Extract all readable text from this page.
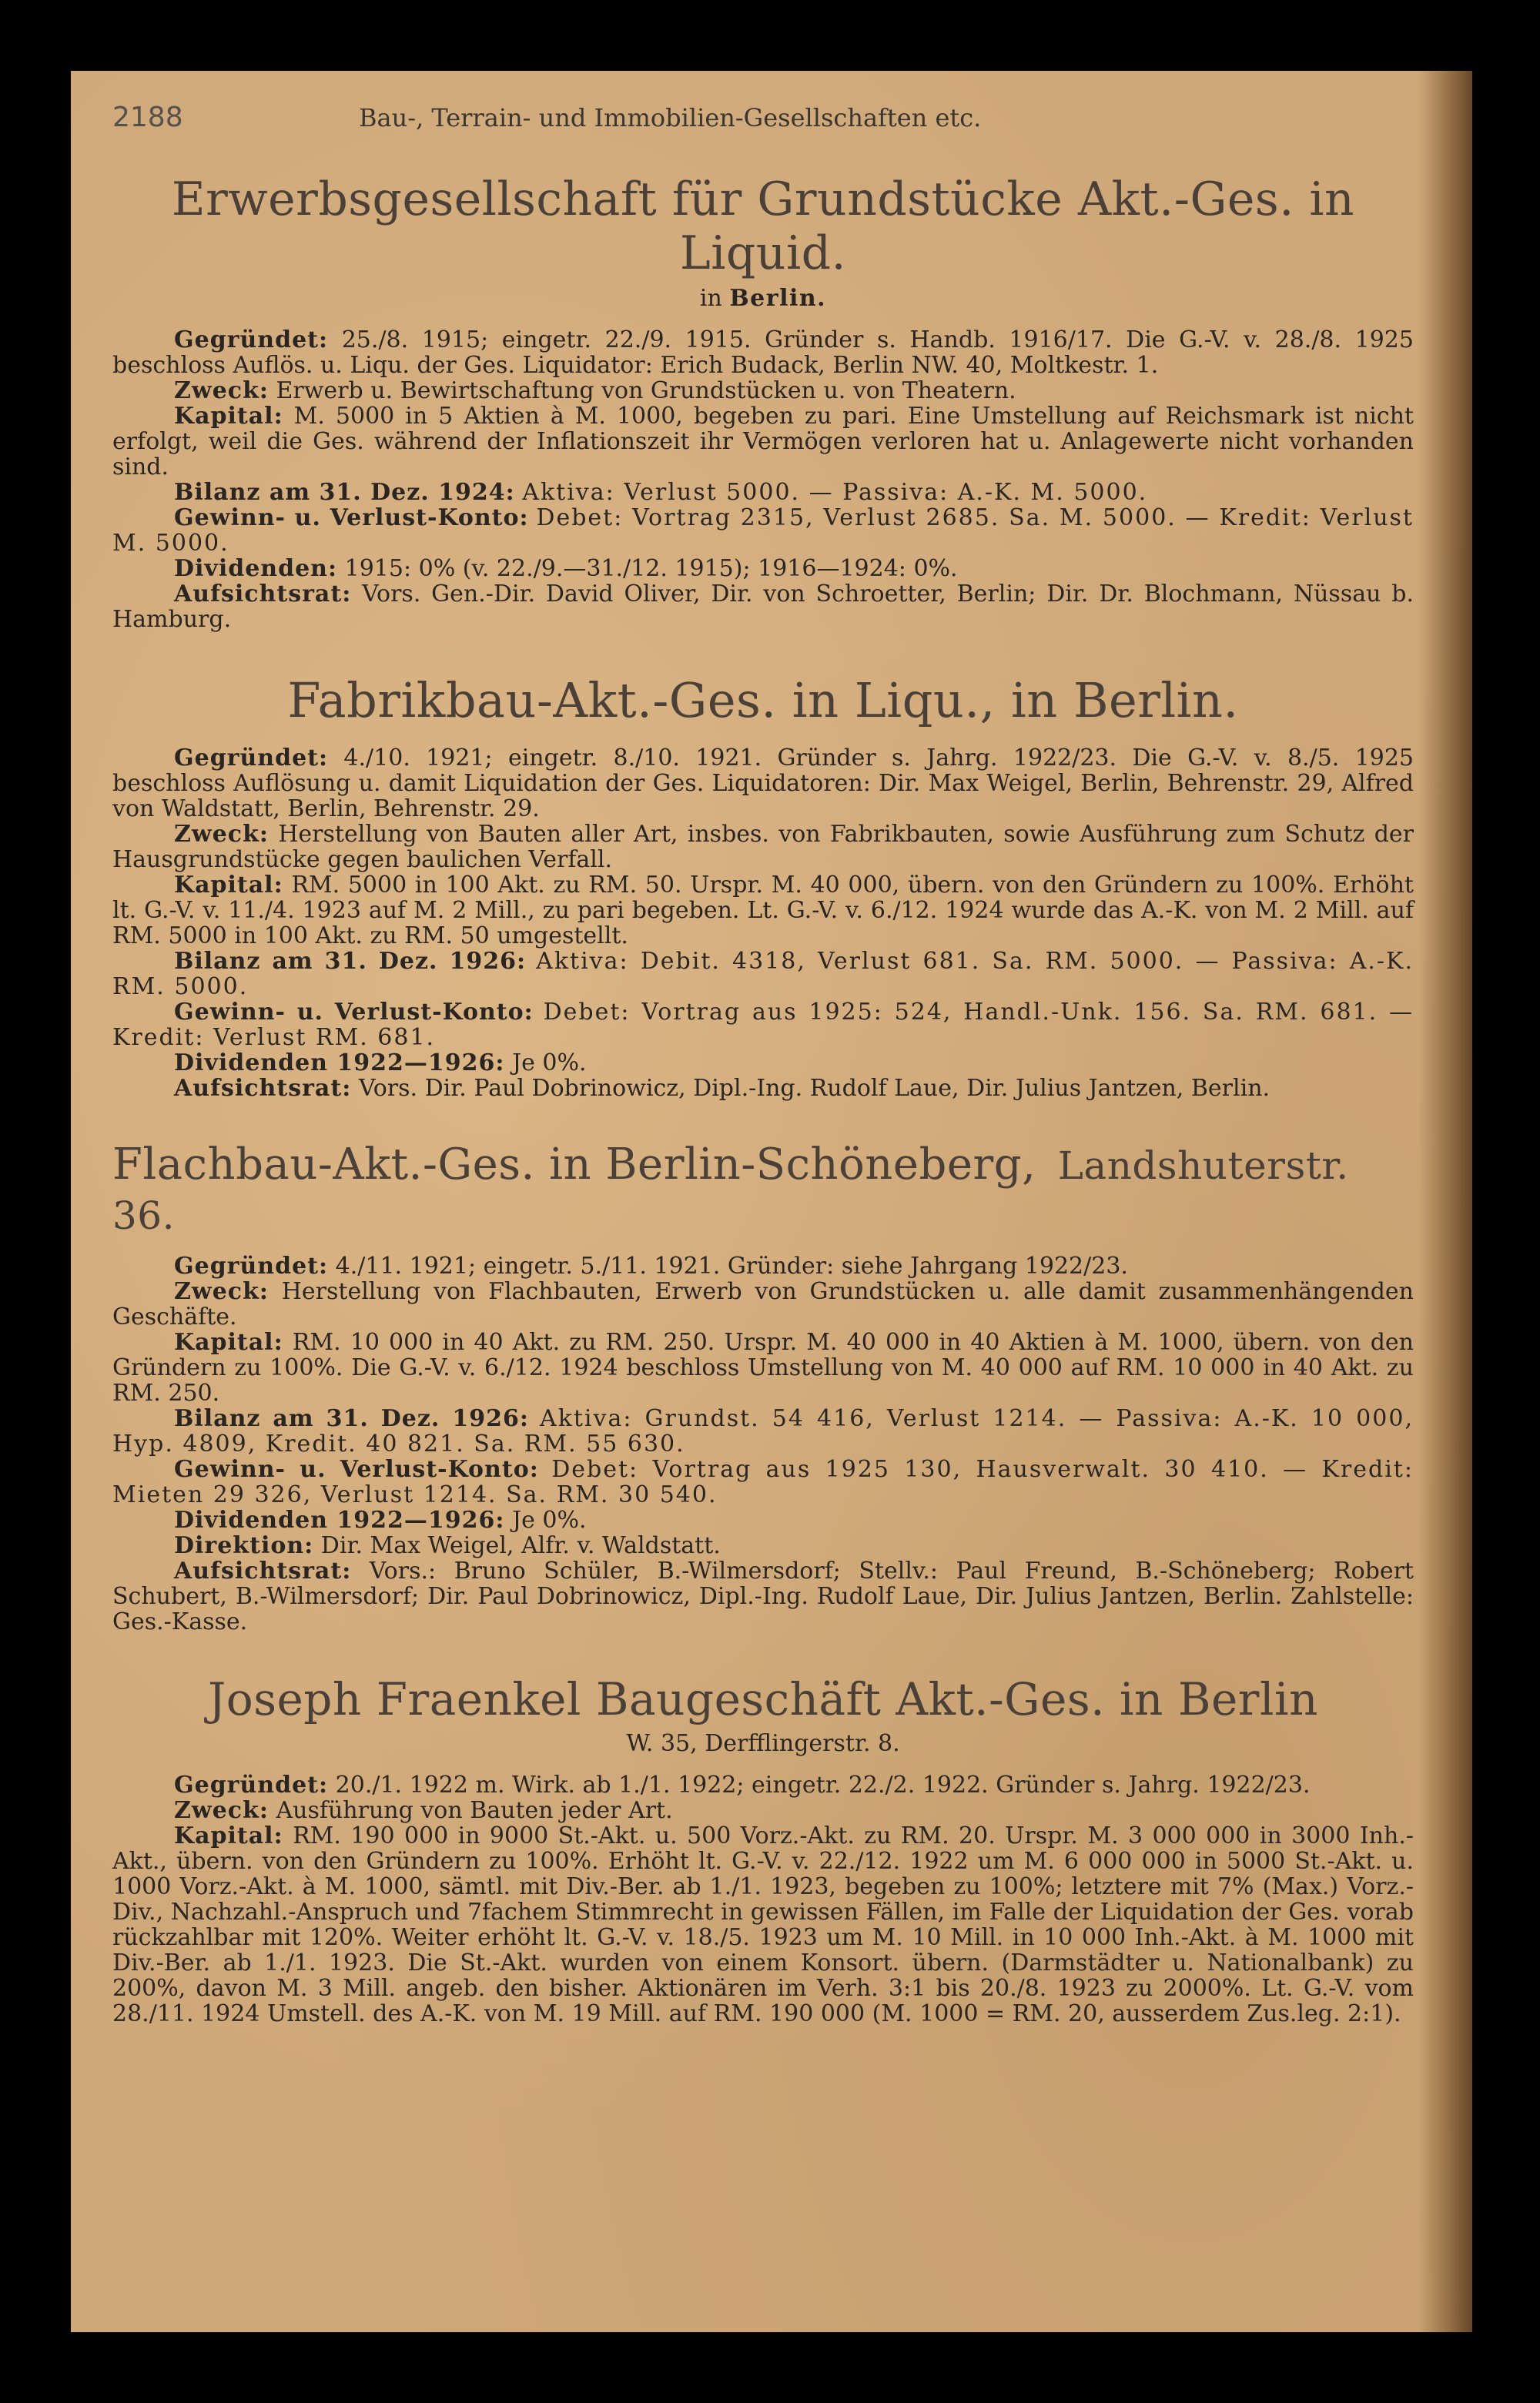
2188	Bau-, Terrain- und Immobilien-Gesellschaften etc.
Erwerbsgesellschaft für Grundstücke Akt.-Ges. in Liquid.
in Berlin.

Gegründet: 25./8. 1915; eingetr. 22./9. 1915. Gründer s. Handb. 1916/17. Die G.-V. v. 28./8. 1925 beschloss Auflös. u. Liqu. der Ges. Liquidator: Erich Budack, Berlin NW. 40, Moltkestr. 1.

Zweck: Erwerb u. Bewirtschaftung von Grundstücken u. von Theatern.

Kapital: M. 5000 in 5 Aktien à M. 1000, begeben zu pari. Eine Umstellung auf Reichsmark ist nicht erfolgt, weil die Ges. während der Inflationszeit ihr Vermögen verloren hat u. Anlagewerte nicht vorhanden sind.

Bilanz am 31. Dez. 1924: Aktiva: Verlust 5000. — Passiva: A.-K. M. 5000.

Gewinn- u. Verlust-Konto: Debet: Vortrag 2315, Verlust 2685. Sa. M. 5000. — Kredit: Verlust M. 5000.

Dividenden: 1915: 0% (v. 22./9.—31./12. 1915); 1916—1924: 0%.

Aufsichtsrat: Vors. Gen.-Dir. David Oliver, Dir. von Schroetter, Berlin; Dir. Dr. Blochmann, Nüssau b. Hamburg.

Fabrikbau-Akt.-Ges. in Liqu., in Berlin.

Gegründet: 4./10. 1921; eingetr. 8./10. 1921. Gründer s. Jahrg. 1922/23. Die G.-V. v. 8./5. 1925 beschloss Auflösung u. damit Liquidation der Ges. Liquidatoren: Dir. Max Weigel, Berlin, Behrenstr. 29, Alfred von Waldstatt, Berlin, Behrenstr. 29.

Zweck: Herstellung von Bauten aller Art, insbes. von Fabrikbauten, sowie Ausführung zum Schutz der Hausgrundstücke gegen baulichen Verfall.

Kapital: RM. 5000 in 100 Akt. zu RM. 50. Urspr. M. 40 000, übern. von den Gründern zu 100%. Erhöht lt. G.-V. v. 11./4. 1923 auf M. 2 Mill., zu pari begeben. Lt. G.-V. v. 6./12. 1924 wurde das A.-K. von M. 2 Mill. auf RM. 5000 in 100 Akt. zu RM. 50 umgestellt.

Bilanz am 31. Dez. 1926: Aktiva: Debit. 4318, Verlust 681. Sa. RM. 5000. — Passiva: A.-K. RM. 5000.

Gewinn- u. Verlust-Konto: Debet: Vortrag aus 1925: 524, Handl.-Unk. 156. Sa. RM. 681. — Kredit: Verlust RM. 681.

Dividenden 1922—1926: Je 0%.

Aufsichtsrat: Vors. Dir. Paul Dobrinowicz, Dipl.-Ing. Rudolf Laue, Dir. Julius Jantzen, Berlin.

Flachbau-Akt.-Ges. in Berlin-Schöneberg, Landshuterstr. 36.

Gegründet: 4./11. 1921; eingetr. 5./11. 1921. Gründer: siehe Jahrgang 1922/23.

Zweck: Herstellung von Flachbauten, Erwerb von Grundstücken u. alle damit zusammenhängenden Geschäfte.

Kapital: RM. 10 000 in 40 Akt. zu RM. 250. Urspr. M. 40 000 in 40 Aktien à M. 1000, übern. von den Gründern zu 100%. Die G.-V. v. 6./12. 1924 beschloss Umstellung von M. 40 000 auf RM. 10 000 in 40 Akt. zu RM. 250.

Bilanz am 31. Dez. 1926: Aktiva: Grundst. 54 416, Verlust 1214. — Passiva: A.-K. 10 000, Hyp. 4809, Kredit. 40 821. Sa. RM. 55 630.

Gewinn- u. Verlust-Konto: Debet: Vortrag aus 1925 130, Hausverwalt. 30 410. — Kredit: Mieten 29 326, Verlust 1214. Sa. RM. 30 540.

Dividenden 1922—1926: Je 0%.

Direktion: Dir. Max Weigel, Alfr. v. Waldstatt.

Aufsichtsrat: Vors.: Bruno Schüler, B.-Wilmersdorf; Stellv.: Paul Freund, B.-Schöneberg; Robert Schubert, B.-Wilmersdorf; Dir. Paul Dobrinowicz, Dipl.-Ing. Rudolf Laue, Dir. Julius Jantzen, Berlin. Zahlstelle: Ges.-Kasse.

Joseph Fraenkel Baugeschäft Akt.-Ges. in Berlin
W. 35, Derfflingerstr. 8.

Gegründet: 20./1. 1922 m. Wirk. ab 1./1. 1922; eingetr. 22./2. 1922. Gründer s. Jahrg. 1922/23.

Zweck: Ausführung von Bauten jeder Art.

Kapital: RM. 190 000 in 9000 St.-Akt. u. 500 Vorz.-Akt. zu RM. 20. Urspr. M. 3 000 000 in 3000 Inh.-Akt., übern. von den Gründern zu 100%. Erhöht lt. G.-V. v. 22./12. 1922 um M. 6 000 000 in 5000 St.-Akt. u. 1000 Vorz.-Akt. à M. 1000, sämtl. mit Div.-Ber. ab 1./1. 1923, begeben zu 100%; letztere mit 7% (Max.) Vorz.-Div., Nachzahl.-Anspruch und 7fachem Stimmrecht in gewissen Fällen, im Falle der Liquidation der Ges. vorab rückzahlbar mit 120%. Weiter erhöht lt. G.-V. v. 18./5. 1923 um M. 10 Mill. in 10 000 Inh.-Akt. à M. 1000 mit Div.-Ber. ab 1./1. 1923. Die St.-Akt. wurden von einem Konsort. übern. (Darmstädter u. Nationalbank) zu 200%, davon M. 3 Mill. angeb. den bisher. Aktionären im Verh. 3:1 bis 20./8. 1923 zu 2000%. Lt. G.-V. vom 28./11. 1924 Umstell. des A.-K. von M. 19 Mill. auf RM. 190 000 (M. 1000 = RM. 20, ausserdem Zus.leg. 2:1).
